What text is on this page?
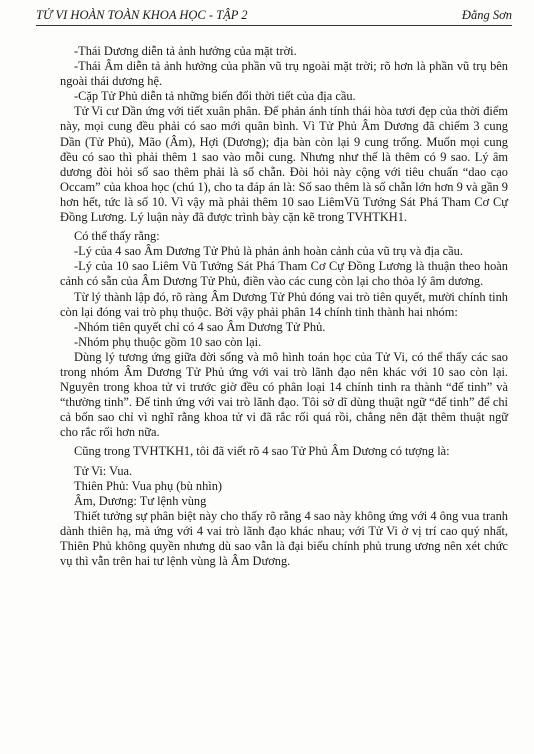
TỬ VI HOÀN TOÀN KHOA HỌC - TẬP 2	Đằng Sơn

-Thái Dương diễn tả ảnh hưởng của mặt trời.

-Thái Âm diễn tả ảnh hưởng của phần vũ trụ ngoài mặt trời; rõ hơn là phần vũ trụ bên ngoài thái dương hệ.

-Cặp Tử Phủ diễn tả những biến đổi thời tiết của địa cầu.

Tử Vi cư Dần ứng với tiết xuân phân. Để phản ánh tính thái hòa tươi đẹp của thời điểm này, mọi cung đều phải có sao mới quân bình. Vì Tử Phủ Âm Dương đã chiếm 3 cung Dần (Tử Phủ), Mão (Âm), Hợi (Dương); địa bàn còn lại 9 cung trống. Muốn mọi cung đều có sao thì phải thêm 1 sao vào mỗi cung. Nhưng như thế là thêm có 9 sao. Lý âm dương đòi hỏi số sao thêm phải là số chẵn. Đòi hỏi này cộng với tiêu chuẩn “dao cạo Occam” của khoa học (chú 1), cho ta đáp án là: Số sao thêm là số chẵn lớn hơn 9 và gần 9 hơn hết, tức là số 10. Vì vậy mà phải thêm 10 sao LiêmVũ Tướng Sát Phá Tham Cơ Cự Đồng Lương. Lý luận này đã được trình bày cặn kẽ trong TVHTKH1.

Có thể thấy rằng:

-Lý của 4 sao Âm Dương Tử Phủ là phản ảnh hoàn cảnh của vũ trụ và địa cầu.

-Lý của 10 sao Liêm Vũ Tướng Sát Phá Tham Cơ Cự Đồng Lương là thuận theo hoàn cảnh có sẵn của Âm Dương Tử Phủ, điền vào các cung còn lại cho thỏa lý âm dương.

Từ lý thành lập đó, rõ ràng Âm Dương Tử Phủ đóng vai trò tiên quyết, mười chính tinh còn lại đóng vai trò phụ thuộc. Bởi vậy phải phân 14 chính tinh thành hai nhóm:

-Nhóm tiên quyết chỉ có 4 sao Âm Dương Tử Phủ.

-Nhóm phụ thuộc gồm 10 sao còn lại.

Dùng lý tương ứng giữa đời sống và mô hình toán học của Tử Vi, có thể thấy các sao trong nhóm Âm Dương Tử Phủ ứng với vai trò lãnh đạo nên khác với 10 sao còn lại. Nguyên trong khoa tử vi trước giờ đều có phân loại 14 chính tinh ra thành “đế tinh” và “thường tinh”. Đế tinh ứng với vai trò lãnh đạo. Tôi sở dĩ dùng thuật ngữ “đế tinh” để chỉ cả bốn sao chỉ vì nghĩ rằng khoa tử vi đã rắc rối quá rồi, chẳng nên đặt thêm thuật ngữ cho rắc rối hơn nữa.

Cũng trong TVHTKH1, tôi đã viết rõ 4 sao Tử Phủ Âm Dương có tượng là:

Tử Vi: Vua.

Thiên Phủ: Vua phụ (bù nhìn)

Âm, Dương: Tư lệnh vùng

Thiết tưởng sự phân biệt này cho thấy rõ rằng 4 sao này không ứng với 4 ông vua tranh dành thiên hạ, mà ứng với 4 vai trò lãnh đạo khác nhau; với Tử Vi ở vị trí cao quý nhất, Thiên Phủ không quyền nhưng dù sao vẫn là đại biểu chính phủ trung ương nên xét chức vụ thì vẫn trên hai tư lệnh vùng là Âm Dương.
